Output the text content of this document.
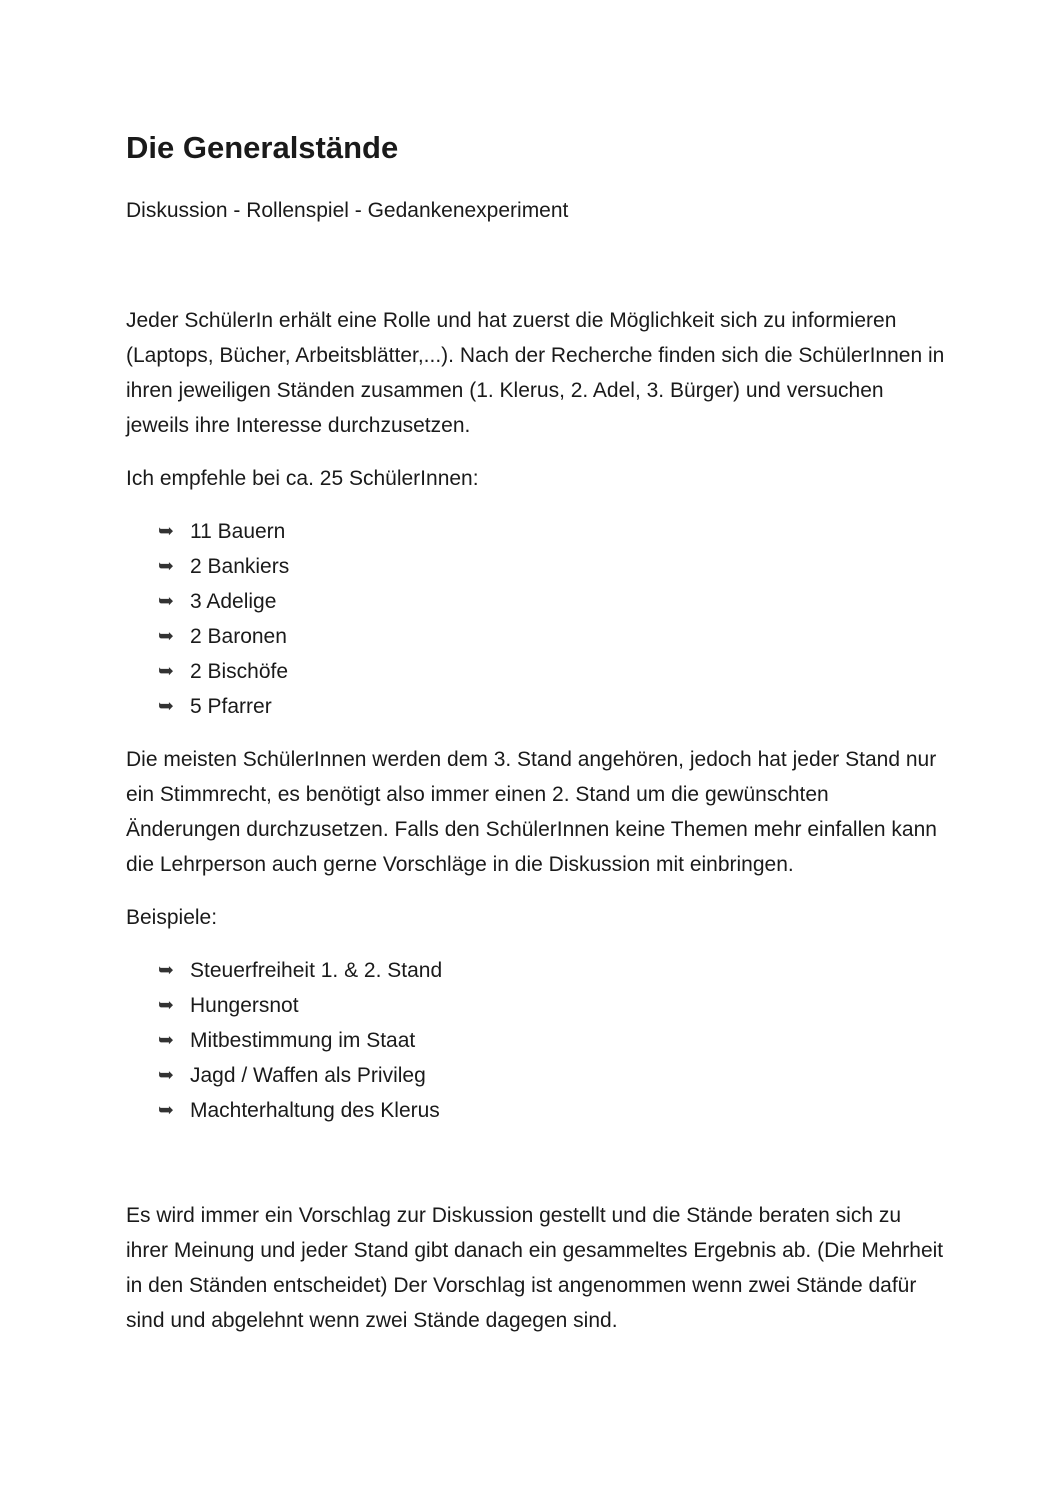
Die Generalstände
Diskussion - Rollenspiel - Gedankenexperiment

Jeder SchülerIn erhält eine Rolle und hat zuerst die Möglichkeit sich zu informieren (Laptops, Bücher, Arbeitsblätter,...). Nach der Recherche finden sich die SchülerInnen in ihren jeweiligen Ständen zusammen (1. Klerus, 2. Adel, 3. Bürger) und versuchen jeweils ihre Interesse durchzusetzen.

Ich empfehle bei ca. 25 SchülerInnen:

➥ 11 Bauern
➥ 2 Bankiers
➥ 3 Adelige
➥ 2 Baronen
➥ 2 Bischöfe
➥ 5 Pfarrer

Die meisten SchülerInnen werden dem 3. Stand angehören, jedoch hat jeder Stand nur ein Stimmrecht, es benötigt also immer einen 2. Stand um die gewünschten Änderungen durchzusetzen. Falls den SchülerInnen keine Themen mehr einfallen kann die Lehrperson auch gerne Vorschläge in die Diskussion mit einbringen.

Beispiele:

➥ Steuerfreiheit 1. & 2. Stand
➥ Hungersnot
➥ Mitbestimmung im Staat
➥ Jagd / Waffen als Privileg
➥ Machterhaltung des Klerus

Es wird immer ein Vorschlag zur Diskussion gestellt und die Stände beraten sich zu ihrer Meinung und jeder Stand gibt danach ein gesammeltes Ergebnis ab. (Die Mehrheit in den Ständen entscheidet) Der Vorschlag ist angenommen wenn zwei Stände dafür sind und abgelehnt wenn zwei Stände dagegen sind.
